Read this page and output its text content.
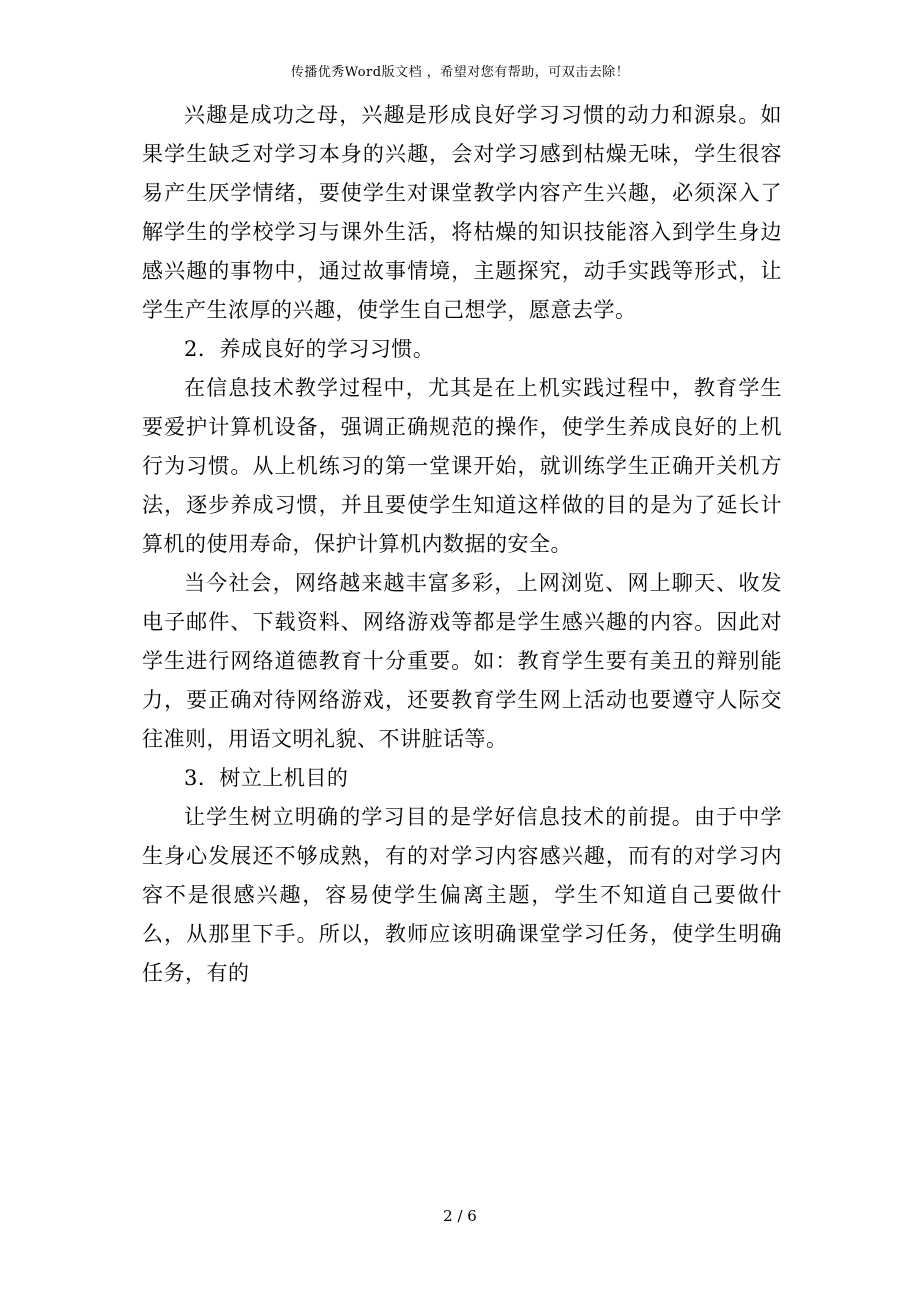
传播优秀Word版文档 ，希望对您有帮助，可双击去除！

兴趣是成功之母，兴趣是形成良好学习习惯的动力和源泉。如果学生缺乏对学习本身的兴趣，会对学习感到枯燥无味，学生很容易产生厌学情绪，要使学生对课堂教学内容产生兴趣，必须深入了解学生的学校学习与课外生活，将枯燥的知识技能溶入到学生身边感兴趣的事物中，通过故事情境，主题探究，动手实践等形式，让学生产生浓厚的兴趣，使学生自己想学，愿意去学。

2．养成良好的学习习惯。

在信息技术教学过程中，尤其是在上机实践过程中，教育学生要爱护计算机设备，强调正确规范的操作，使学生养成良好的上机行为习惯。从上机练习的第一堂课开始，就训练学生正确开关机方法，逐步养成习惯，并且要使学生知道这样做的目的是为了延长计算机的使用寿命，保护计算机内数据的安全。

当今社会，网络越来越丰富多彩，上网浏览、网上聊天、收发电子邮件、下载资料、网络游戏等都是学生感兴趣的内容。因此对学生进行网络道德教育十分重要。如：教育学生要有美丑的辩别能力，要正确对待网络游戏，还要教育学生网上活动也要遵守人际交往准则，用语文明礼貌、不讲脏话等。

3．树立上机目的

让学生树立明确的学习目的是学好信息技术的前提。由于中学生身心发展还不够成熟，有的对学习内容感兴趣，而有的对学习内容不是很感兴趣，容易使学生偏离主题，学生不知道自己要做什么，从那里下手。所以，教师应该明确课堂学习任务，使学生明确任务，有的

2 / 6
